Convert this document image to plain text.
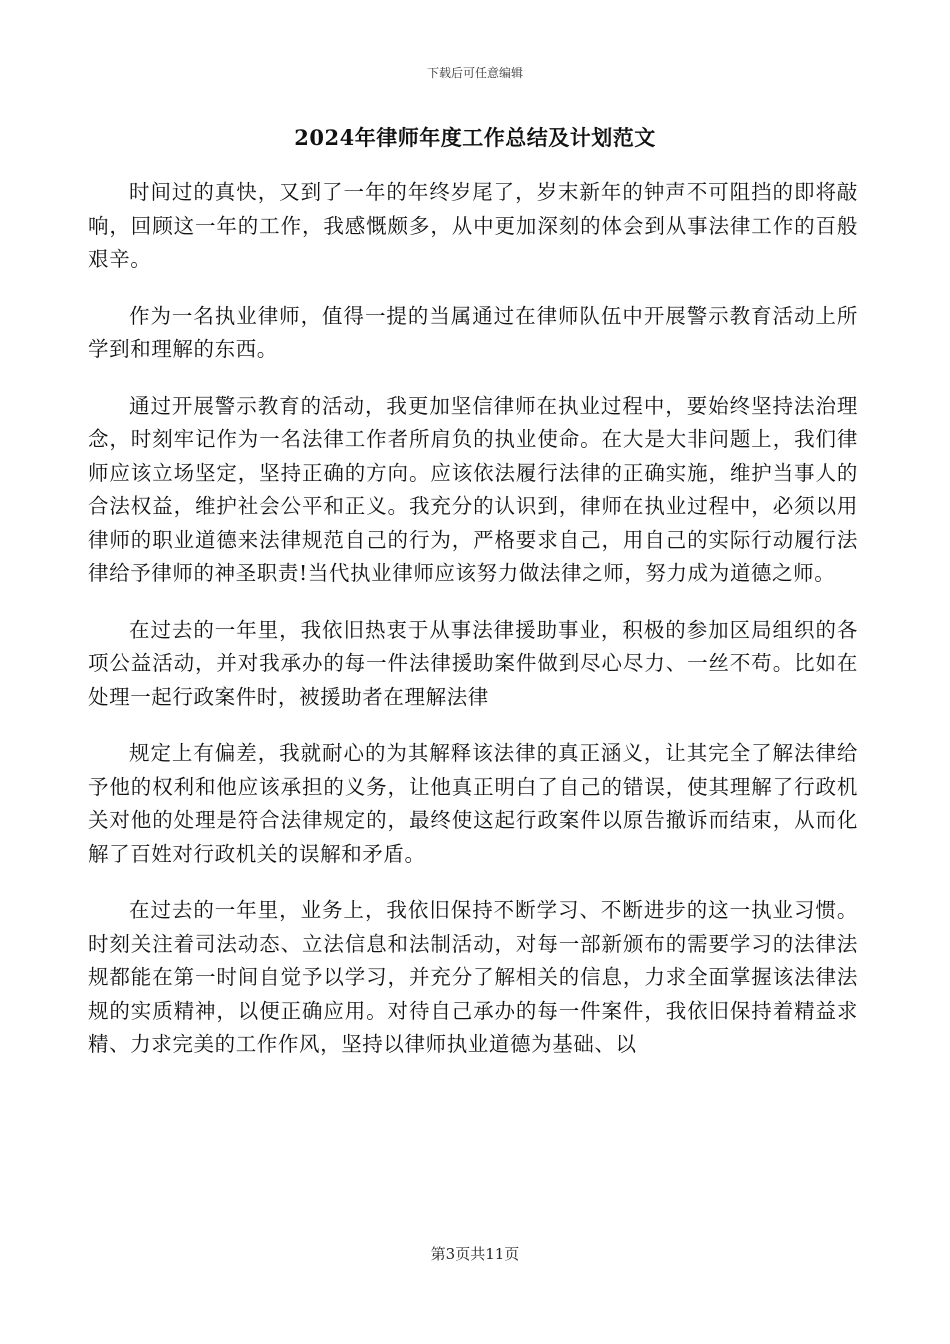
下载后可任意编辑
2024年律师年度工作总结及计划范文

时间过的真快，又到了一年的年终岁尾了，岁末新年的钟声不可阻挡的即将敲响，回顾这一年的工作，我感慨颇多，从中更加深刻的体会到从事法律工作的百般艰辛。

作为一名执业律师，值得一提的当属通过在律师队伍中开展警示教育活动上所学到和理解的东西。

通过开展警示教育的活动，我更加坚信律师在执业过程中，要始终坚持法治理念，时刻牢记作为一名法律工作者所肩负的执业使命。在大是大非问题上，我们律师应该立场坚定，坚持正确的方向。应该依法履行法律的正确实施，维护当事人的合法权益，维护社会公平和正义。我充分的认识到，律师在执业过程中，必须以用律师的职业道德来法律规范自己的行为，严格要求自己，用自己的实际行动履行法律给予律师的神圣职责!当代执业律师应该努力做法律之师，努力成为道德之师。

在过去的一年里，我依旧热衷于从事法律援助事业，积极的参加区局组织的各项公益活动，并对我承办的每一件法律援助案件做到尽心尽力、一丝不苟。比如在处理一起行政案件时，被援助者在理解法律

规定上有偏差，我就耐心的为其解释该法律的真正涵义，让其完全了解法律给予他的权利和他应该承担的义务，让他真正明白了自己的错误，使其理解了行政机关对他的处理是符合法律规定的，最终使这起行政案件以原告撤诉而结束，从而化解了百姓对行政机关的误解和矛盾。

在过去的一年里，业务上，我依旧保持不断学习、不断进步的这一执业习惯。时刻关注着司法动态、立法信息和法制活动，对每一部新颁布的需要学习的法律法规都能在第一时间自觉予以学习，并充分了解相关的信息，力求全面掌握该法律法规的实质精神，以便正确应用。对待自己承办的每一件案件，我依旧保持着精益求精、力求完美的工作作风，坚持以律师执业道德为基础、以

第3页共11页
